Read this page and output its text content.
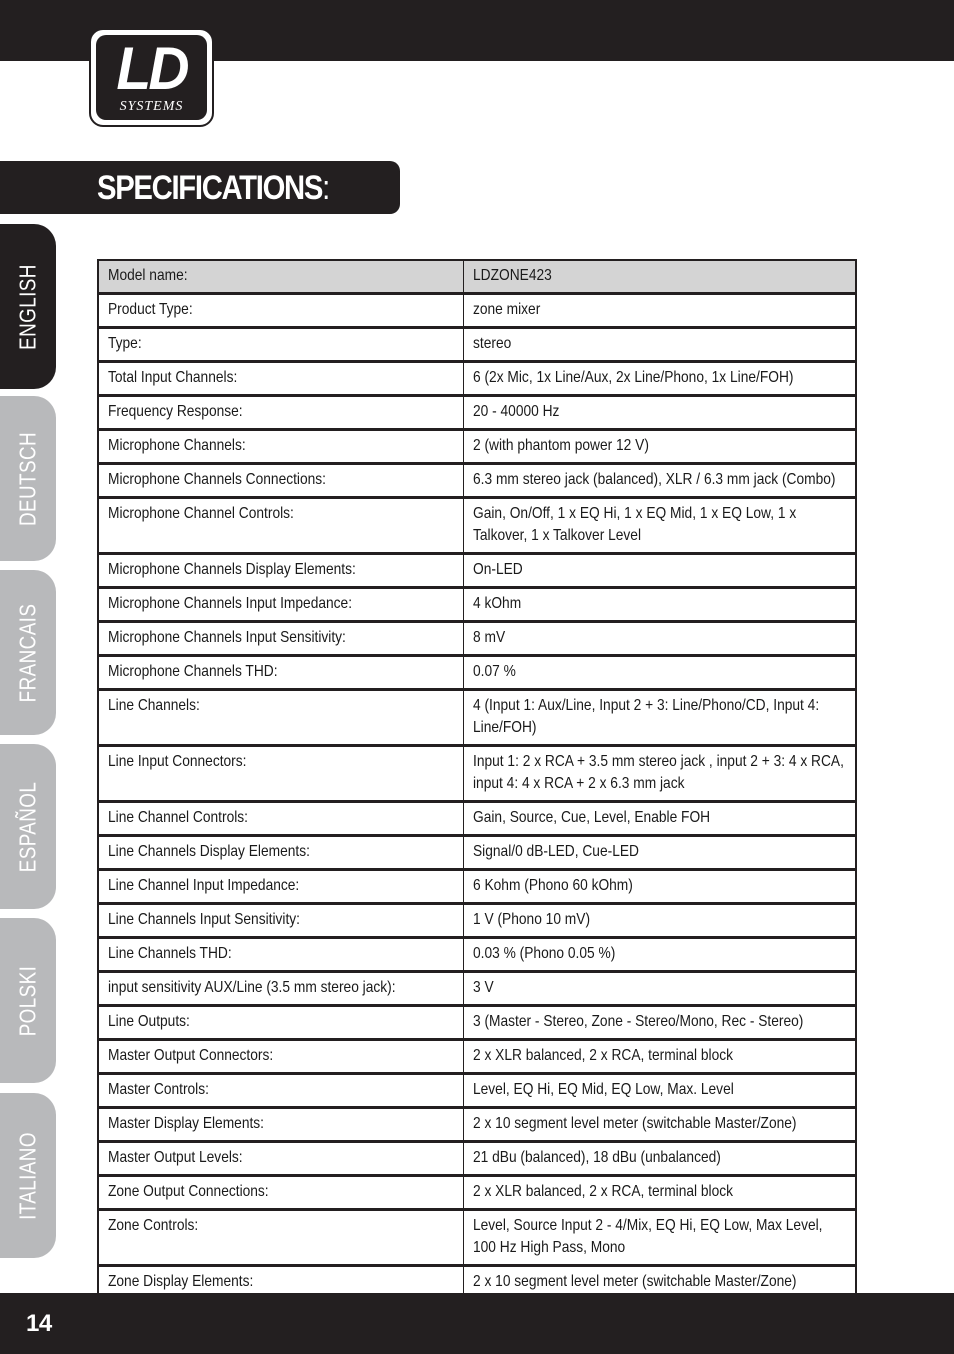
LD
SYSTEMS
SPECIFICATIONS:
ENGLISH
DEUTSCH
FRANCAIS
ESPAÑOL
POLSKI
ITALIANO
Model name:	LDZONE423

Product Type:	zone mixer

Type:	stereo

Total Input Channels:	6 (2x Mic, 1x Line/Aux, 2x Line/Phono, 1x Line/FOH)

Frequency Response:	20 - 40000 Hz

Microphone Channels:	2 (with phantom power 12 V)

Microphone Channels Connections:	6.3 mm stereo jack (balanced), XLR / 6.3 mm jack (Combo)

Microphone Channel Controls:	Gain, On/Off, 1 x EQ Hi, 1 x EQ Mid, 1 x EQ Low, 1 x Talkover, 1 x Talkover Level

Microphone Channels Display Elements:	On-LED

Microphone Channels Input Impedance:	4 kOhm

Microphone Channels Input Sensitivity:	8 mV

Microphone Channels THD:	0.07 %

Line Channels:	4 (Input 1: Aux/Line, Input 2 + 3: Line/Phono/CD, Input 4: Line/FOH)

Line Input Connectors:	Input 1: 2 x RCA + 3.5 mm stereo jack , input 2 + 3: 4 x RCA, input 4: 4 x RCA + 2 x 6.3 mm jack

Line Channel Controls:	Gain, Source, Cue, Level, Enable FOH

Line Channels Display Elements:	Signal/0 dB-LED, Cue-LED

Line Channel Input Impedance:	6 Kohm (Phono 60 kOhm)

Line Channels Input Sensitivity:	1 V (Phono 10 mV)

Line Channels THD:	0.03 % (Phono 0.05 %)

input sensitivity AUX/Line (3.5 mm stereo jack):	3 V

Line Outputs:	3 (Master - Stereo, Zone - Stereo/Mono, Rec - Stereo)

Master Output Connectors:	2 x XLR balanced, 2 x RCA, terminal block

Master Controls:	Level, EQ Hi, EQ Mid, EQ Low, Max. Level

Master Display Elements:	2 x 10 segment level meter (switchable Master/Zone)

Master Output Levels:	21 dBu (balanced), 18 dBu (unbalanced)

Zone Output Connections:	2 x XLR balanced, 2 x RCA, terminal block

Zone Controls:	Level, Source Input 2 - 4/Mix, EQ Hi, EQ Low, Max Level, 100 Hz High Pass, Mono

Zone Display Elements:	2 x 10 segment level meter (switchable Master/Zone)
14
